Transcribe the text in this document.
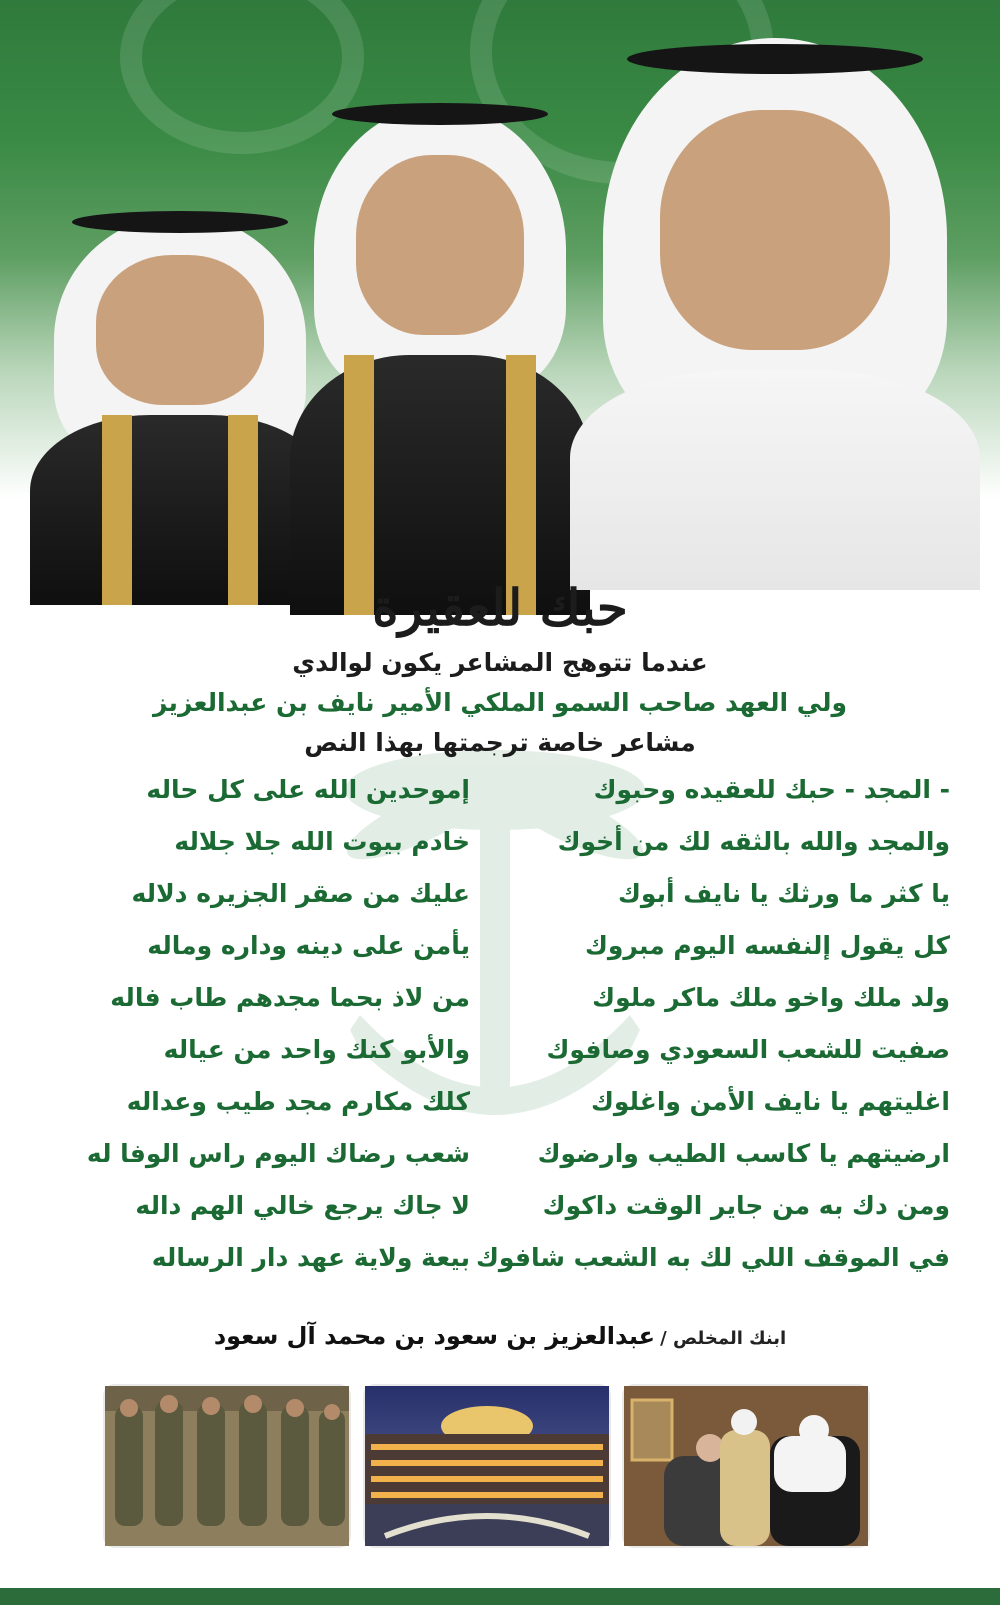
حبك للعقيرة
عندما تتوهج المشاعر يكون لوالدي
ولي العهد صاحب السمو الملكي الأمير نايف بن عبدالعزيز
مشاعر خاصة ترجمتها بهذا النص
- المجد - حبك للعقيده وحبوك
إموحدين الله على كل حاله
والمجد والله بالثقه لك من أخوك
خادم بيوت الله جلا جلاله
يا كثر ما ورثك يا نايف أبوك
عليك من صقر الجزيره دلاله
كل يقول إلنفسه اليوم مبروك
يأمن على دينه وداره وماله
ولد ملك واخو ملك ماكر ملوك
من لاذ بحما مجدهم طاب فاله
صفيت للشعب السعودي وصافوك
والأبو كنك واحد من عياله
اغليتهم يا نايف الأمن واغلوك
كلك مكارم مجد طيب وعداله
ارضيتهم يا كاسب الطيب وارضوك
شعب رضاك اليوم راس الوفا له
ومن دك به من جاير الوقت داكوك
لا جاك يرجع خالي الهم داله
في الموقف اللي لك به الشعب شافوك
بيعة ولاية عهد دار الرساله
ابنك المخلص / عبدالعزيز بن سعود بن محمد آل سعود
